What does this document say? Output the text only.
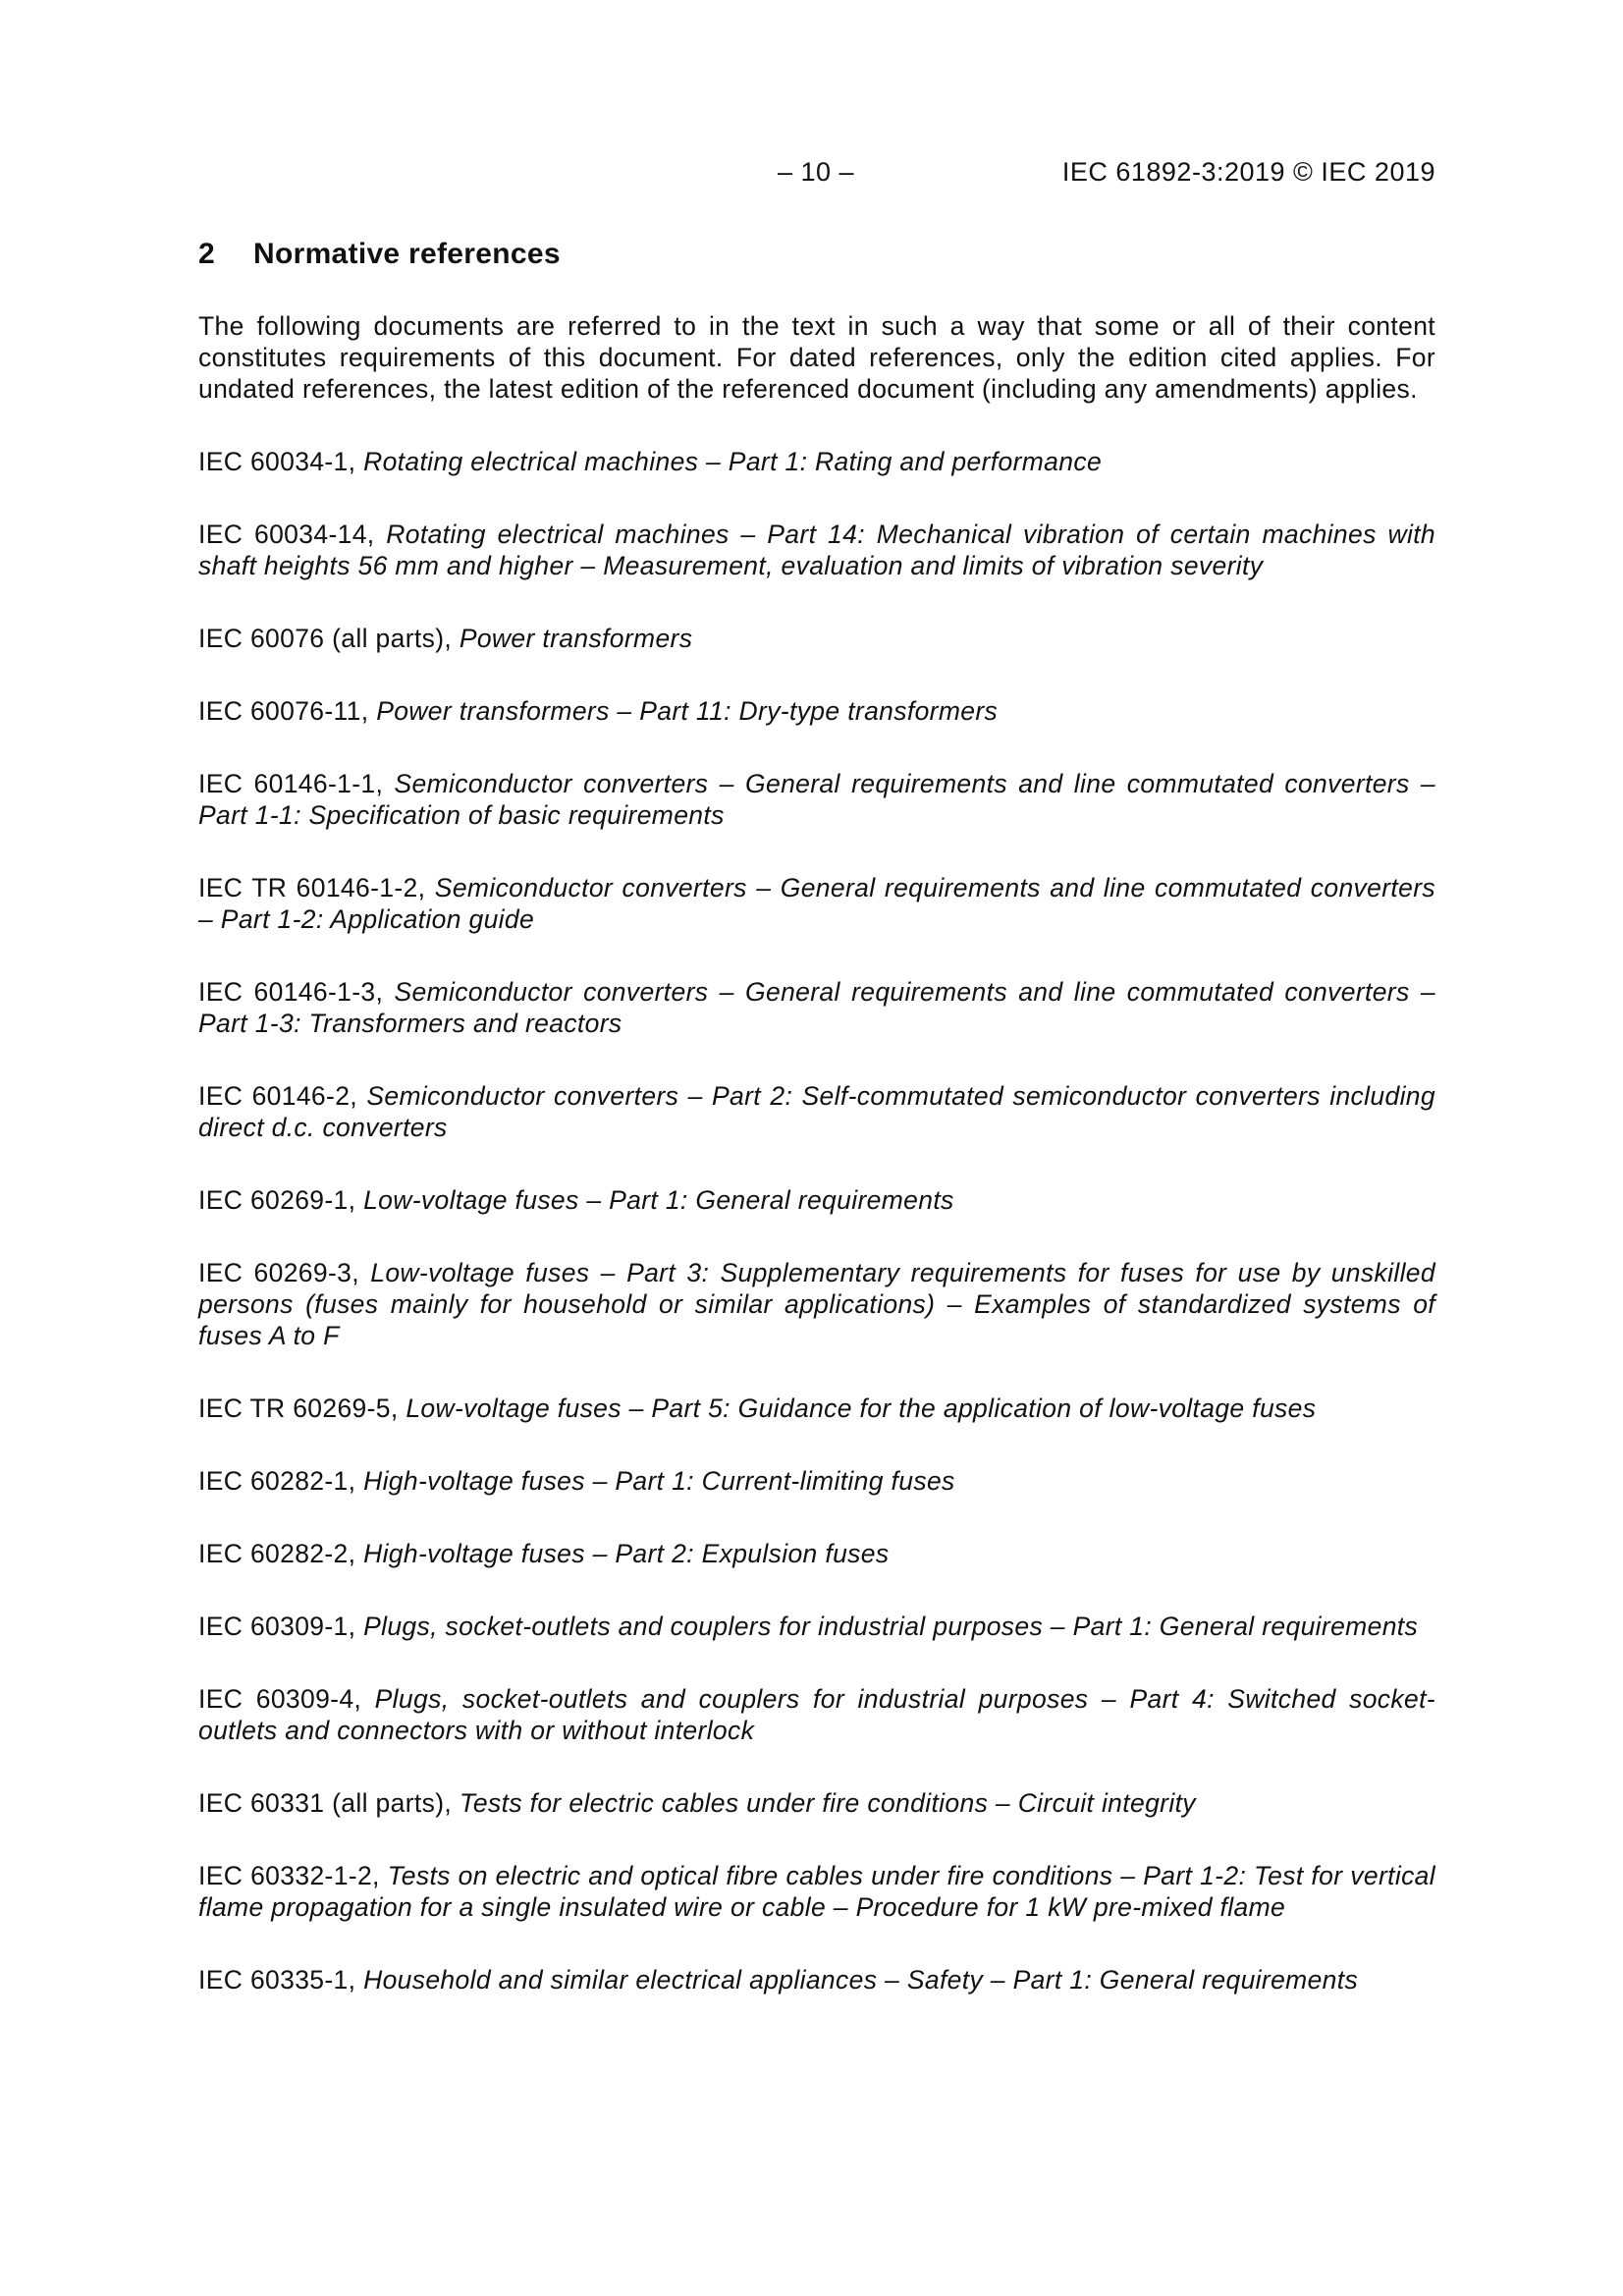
– 10 –	IEC 61892-3:2019 © IEC 2019
2 Normative references

The following documents are referred to in the text in such a way that some or all of their content constitutes requirements of this document. For dated references, only the edition cited applies. For undated references, the latest edition of the referenced document (including any amendments) applies.

IEC 60034-1, Rotating electrical machines – Part 1: Rating and performance

IEC 60034-14, Rotating electrical machines – Part 14: Mechanical vibration of certain machines with shaft heights 56 mm and higher – Measurement, evaluation and limits of vibration severity

IEC 60076 (all parts), Power transformers

IEC 60076-11, Power transformers – Part 11: Dry-type transformers

IEC 60146-1-1, Semiconductor converters – General requirements and line commutated converters – Part 1-1: Specification of basic requirements

IEC TR 60146-1-2, Semiconductor converters – General requirements and line commutated converters – Part 1-2: Application guide

IEC 60146-1-3, Semiconductor converters – General requirements and line commutated converters – Part 1-3: Transformers and reactors

IEC 60146-2, Semiconductor converters – Part 2: Self-commutated semiconductor converters including direct d.c. converters

IEC 60269-1, Low-voltage fuses – Part 1: General requirements

IEC 60269-3, Low-voltage fuses – Part 3: Supplementary requirements for fuses for use by unskilled persons (fuses mainly for household or similar applications) – Examples of standardized systems of fuses A to F

IEC TR 60269-5, Low-voltage fuses – Part 5: Guidance for the application of low-voltage fuses

IEC 60282-1, High-voltage fuses – Part 1: Current-limiting fuses

IEC 60282-2, High-voltage fuses – Part 2: Expulsion fuses

IEC 60309-1, Plugs, socket-outlets and couplers for industrial purposes – Part 1: General requirements

IEC 60309-4, Plugs, socket-outlets and couplers for industrial purposes – Part 4: Switched socket-outlets and connectors with or without interlock

IEC 60331 (all parts), Tests for electric cables under fire conditions – Circuit integrity

IEC 60332-1-2, Tests on electric and optical fibre cables under fire conditions – Part 1-2: Test for vertical flame propagation for a single insulated wire or cable – Procedure for 1 kW pre-mixed flame

IEC 60335-1, Household and similar electrical appliances – Safety – Part 1: General requirements
